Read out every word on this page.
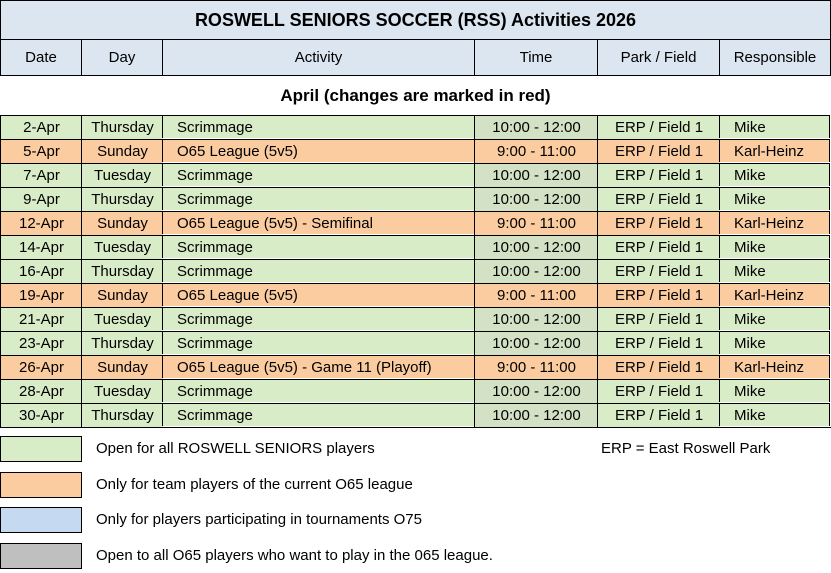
ROSWELL SENIORS SOCCER (RSS) Activities 2026
Date	Day	Activity	Time	Park / Field	Responsible
April (changes are marked in red)
2-Apr	Thursday	Scrimmage	10:00 - 12:00	ERP / Field 1	Mike
5-Apr	Sunday	O65 League (5v5)	9:00 - 11:00	ERP / Field 1	Karl-Heinz
7-Apr	Tuesday	Scrimmage	10:00 - 12:00	ERP / Field 1	Mike
9-Apr	Thursday	Scrimmage	10:00 - 12:00	ERP / Field 1	Mike
12-Apr	Sunday	O65 League (5v5) - Semifinal	9:00 - 11:00	ERP / Field 1	Karl-Heinz
14-Apr	Tuesday	Scrimmage	10:00 - 12:00	ERP / Field 1	Mike
16-Apr	Thursday	Scrimmage	10:00 - 12:00	ERP / Field 1	Mike
19-Apr	Sunday	O65 League (5v5)	9:00 - 11:00	ERP / Field 1	Karl-Heinz
21-Apr	Tuesday	Scrimmage	10:00 - 12:00	ERP / Field 1	Mike
23-Apr	Thursday	Scrimmage	10:00 - 12:00	ERP / Field 1	Mike
26-Apr	Sunday	O65 League (5v5) - Game 11 (Playoff)	9:00 - 11:00	ERP / Field 1	Karl-Heinz
28-Apr	Tuesday	Scrimmage	10:00 - 12:00	ERP / Field 1	Mike
30-Apr	Thursday	Scrimmage	10:00 - 12:00	ERP / Field 1	Mike
ERP = East Roswell Park
Open for all ROSWELL SENIORS players
Only for team players of the current O65 league
Only for players participating in tournaments O75
Open to all O65 players who want to play in the 065 league.
